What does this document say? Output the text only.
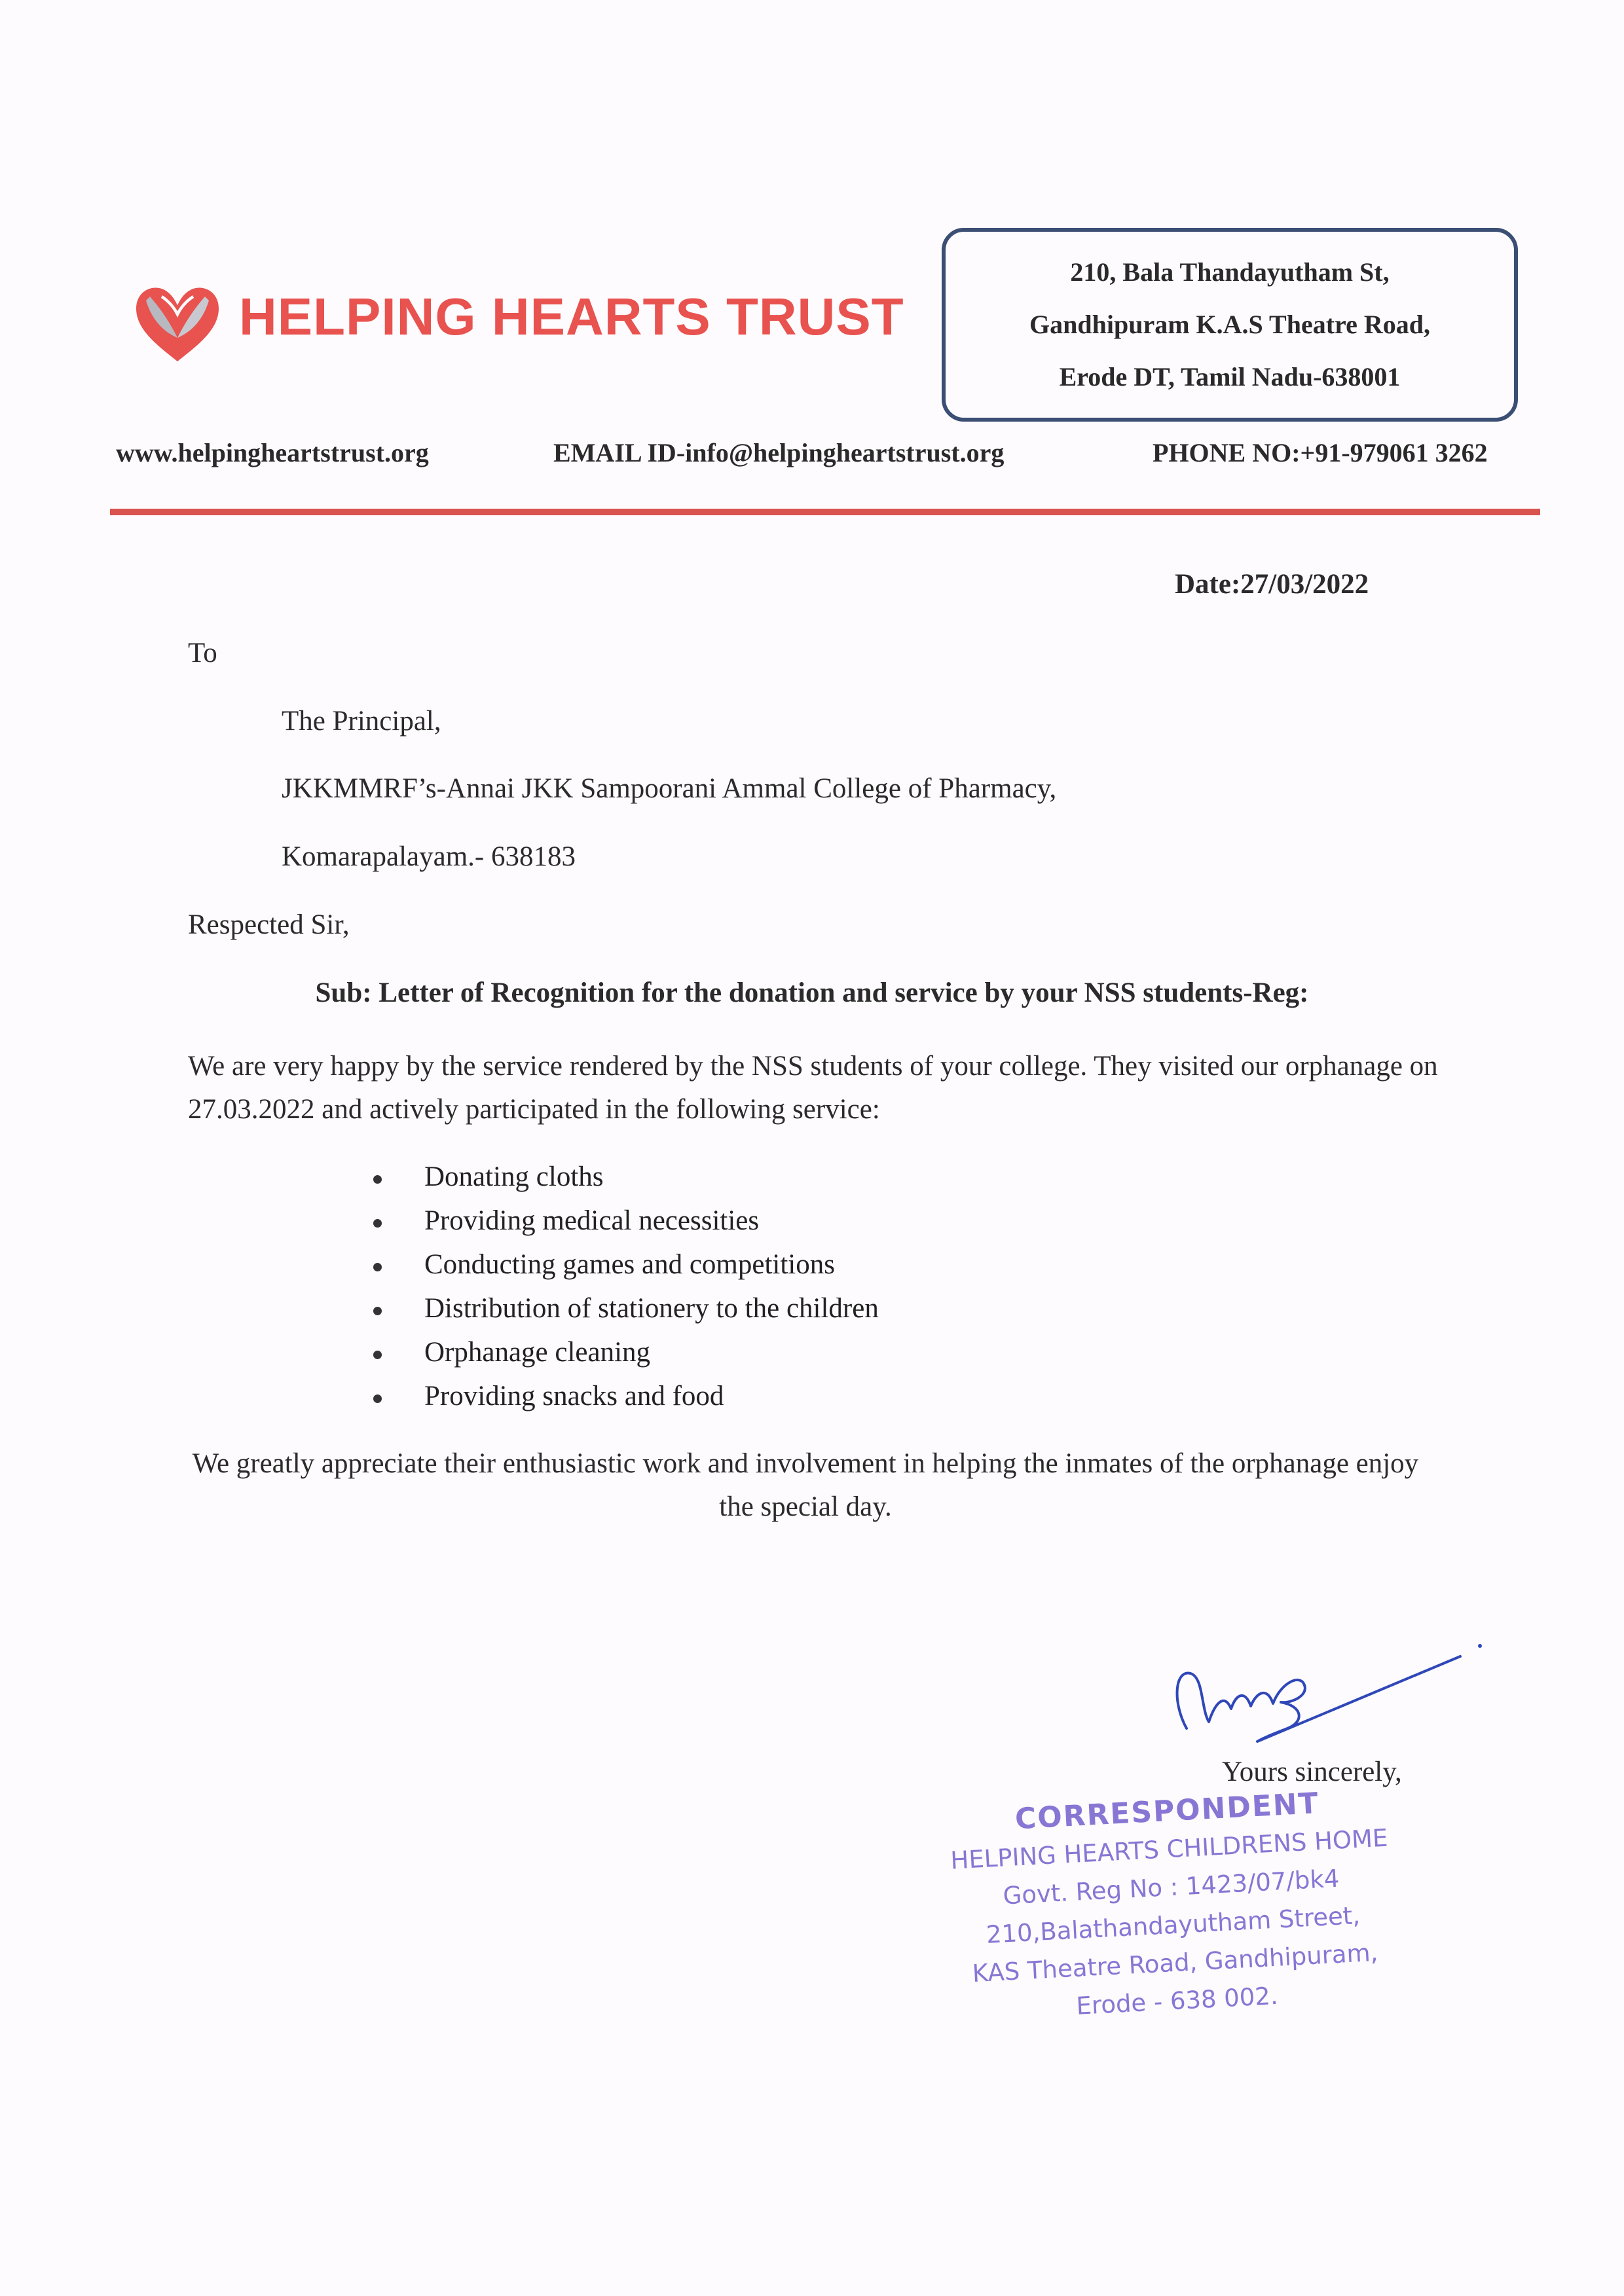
HELPING HEARTS TRUST
210, Bala Thandayutham St,
Gandhipuram K.A.S Theatre Road,
Erode DT, Tamil Nadu-638001
www.helpingheartstrust.org	EMAIL ID-info@helpingheartstrust.org	PHONE NO:+91-979061 3262
Date:27/03/2022
To
The Principal,
JKKMMRF’s-Annai JKK Sampoorani Ammal College of Pharmacy,
Komarapalayam.- 638183
Respected Sir,
Sub: Letter of Recognition for the donation and service by your NSS students-Reg:
We are very happy by the service rendered by the NSS students of your college. They visited our orphanage on 27.03.2022 and actively participated in the following service:
Donating cloths
Providing medical necessities
Conducting games and competitions
Distribution of stationery to the children
Orphanage cleaning
Providing snacks and food
We greatly appreciate their enthusiastic work and involvement in helping the inmates of the orphanage enjoy the special day.
Yours sincerely,
CORRESPONDENT
HELPING HEARTS CHILDRENS HOME
Govt. Reg No : 1423/07/bk4
210,Balathandayutham Street,
KAS Theatre Road, Gandhipuram,
Erode - 638 002.
